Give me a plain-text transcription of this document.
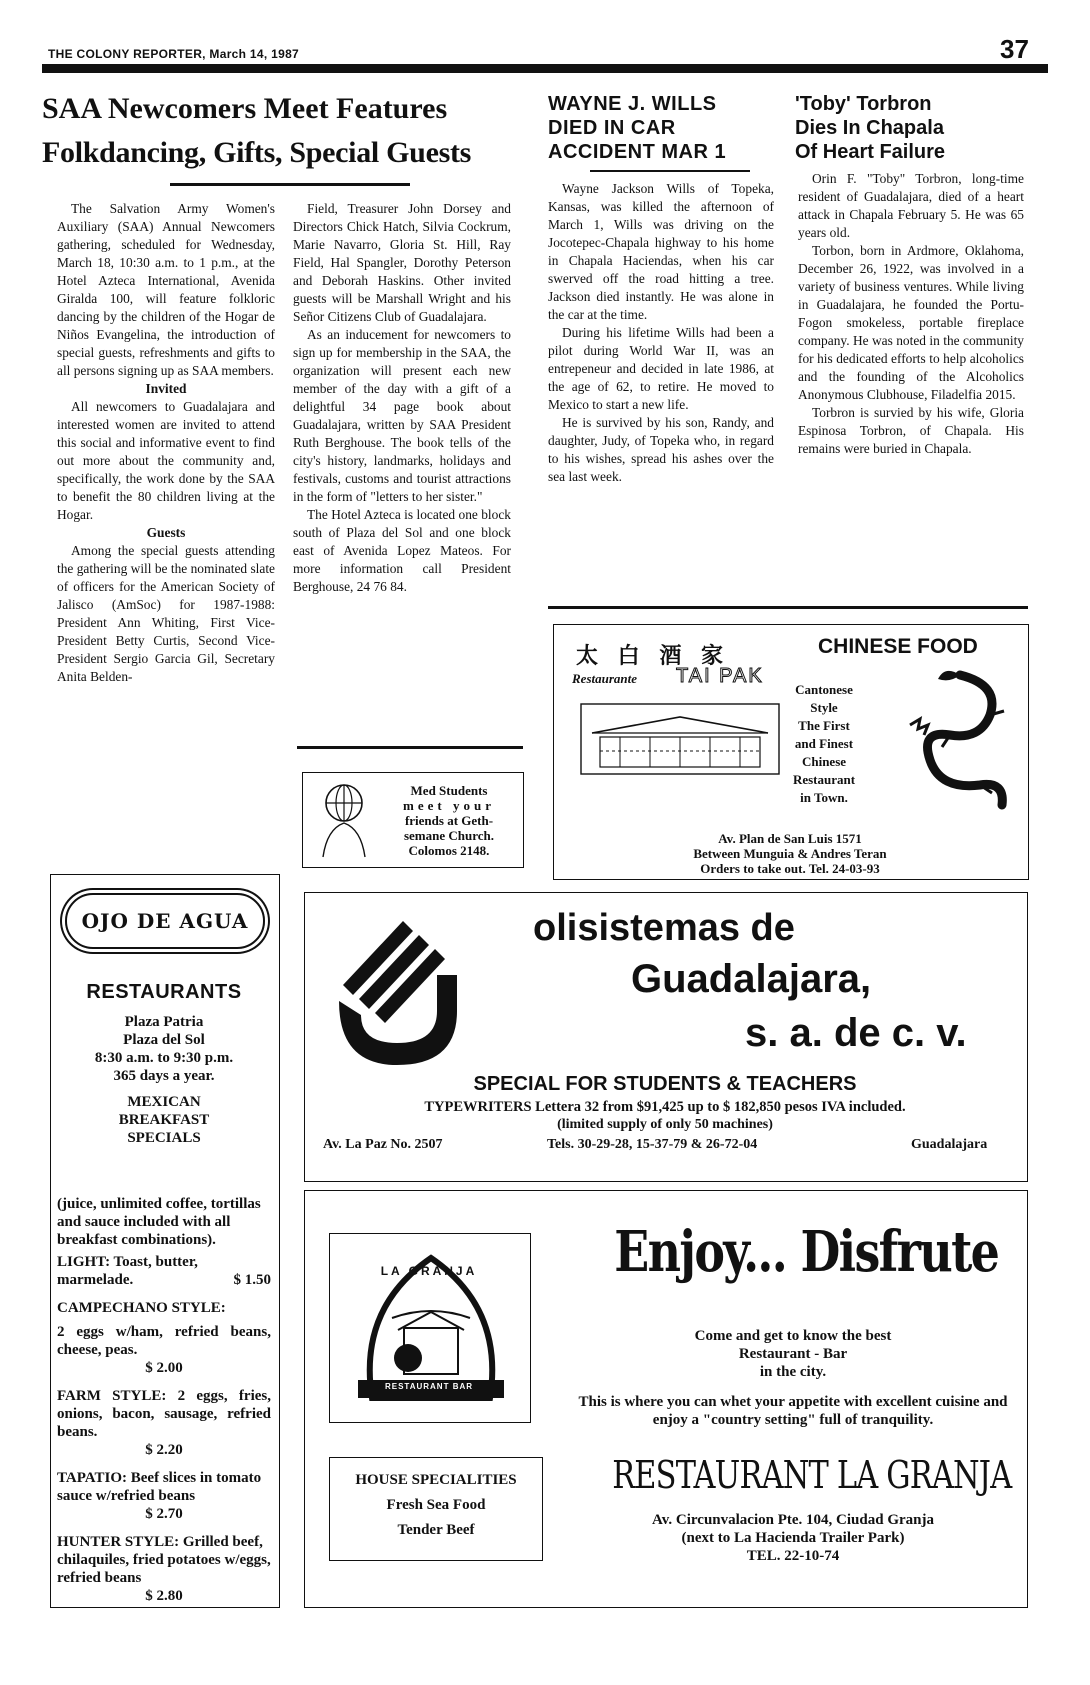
THE COLONY REPORTER, March 14, 1987	37
SAA Newcomers Meet Features
Folkdancing, Gifts, Special Guests

The Salvation Army Women's Auxiliary (SAA) Annual Newcomers gathering, scheduled for Wednesday, March 18, 10:30 a.m. to 1 p.m., at the Hotel Azteca International, Avenida Giralda 100, will feature folkloric dancing by the children of the Hogar de Niños Evangelina, the introduction of special guests, refreshments and gifts to all persons signing up as SAA members.

Invited

All newcomers to Guadalajara and interested women are invited to attend this social and informative event to find out more about the community and, specifically, the work done by the SAA to benefit the 80 children living at the Hogar.

Guests

Among the special guests attending the gathering will be the nominated slate of officers for the American Society of Jalisco (AmSoc) for 1987-1988: President Ann Whiting, First Vice-President Betty Curtis, Second Vice-President Sergio Garcia Gil, Secretary Anita Belden-

Field, Treasurer John Dorsey and Directors Chick Hatch, Silvia Cockrum, Marie Navarro, Gloria St. Hill, Ray Field, Hal Spangler, Dorothy Peterson and Deborah Haskins. Other invited guests will be Marshall Wright and his Señor Citizens Club of Guadalajara.

As an inducement for newcomers to sign up for membership in the SAA, the organization will present each new member of the day with a gift of a delightful 34 page book about Guadalajara, written by SAA President Ruth Berghouse. The book tells of the city's history, landmarks, holidays and festivals, customs and tourist attractions in the form of "letters to her sister."

The Hotel Azteca is located one block south of Plaza del Sol and one block east of Avenida Lopez Mateos. For more information call President Berghouse, 24 76 84.

Med Students
meet your
friends at Geth-
semane Church.
Colomos 2148.
WAYNE J. WILLS
DIED IN CAR
ACCIDENT MAR 1

Wayne Jackson Wills of Topeka, Kansas, was killed the afternoon of March 1, Wills was driving on the Jocotepec-Chapala highway to his home in Chapala Haciendas, when his car swerved off the road hitting a tree. Jackson died instantly. He was alone in the car at the time.

During his lifetime Wills had been a pilot during World War II, was an entrepeneur and decided in late 1986, at the age of 62, to retire. He moved to Mexico to start a new life.

He is survived by his son, Randy, and daughter, Judy, of Topeka who, in regard to his wishes, spread his ashes over the sea last week.

'Toby' Torbron
Dies In Chapala
Of Heart Failure

Orin F. "Toby" Torbron, long-time resident of Guadalajara, died of a heart attack in Chapala February 5. He was 65 years old.

Torbon, born in Ardmore, Oklahoma, December 26, 1922, was involved in a variety of business ventures. While living in Guadalajara, he founded the Portu-Fogon smokeless, portable fireplace company. He was noted in the community for his dedicated efforts to help alcoholics and the founding of the Alcoholics Anonymous Clubhouse, Filadelfia 2015.

Torbron is survied by his wife, Gloria Espinosa Torbron, of Chapala. His remains were buried in Chapala.

太 白 酒 家
Restaurante TAI PAK
CHINESE FOOD
Cantonese
Style
The First
and Finest
Chinese
Restaurant
in Town.
Av. Plan de San Luis 1571
Between Munguia & Andres Teran
Orders to take out. Tel. 24-03-93
OJO DE AGUA
RESTAURANTS
Plaza Patria
Plaza del Sol
8:30 a.m. to 9:30 p.m.
365 days a year.
MEXICAN
BREAKFAST
SPECIALS
(juice, unlimited coffee, tortillas and sauce included with all breakfast combinations).
LIGHT: Toast, butter, marmelade.	$ 1.50
CAMPECHANO STYLE:
2 eggs w/ham, refried beans, cheese, peas.
$ 2.00
FARM STYLE: 2 eggs, fries, onions, bacon, sausage, refried beans.
$ 2.20
TAPATIO: Beef slices in tomato sauce w/refried beans
$ 2.70
HUNTER STYLE: Grilled beef, chilaquiles, fried potatoes w/eggs, refried beans
$ 2.80
olisistemas de
Guadalajara,
s. a. de c. v.
SPECIAL FOR STUDENTS & TEACHERS
TYPEWRITERS Lettera 32 from $91,425 up to $ 182,850 pesos IVA included.
(limited supply of only 50 machines)
Av. La Paz No. 2507	Tels. 30-29-28, 15-37-79 & 26-72-04	Guadalajara
LA GRANJA
RESTAURANT BAR
HOUSE SPECIALITIES
Fresh Sea Food
Tender Beef
Enjoy... Disfrute
Come and get to know the best
Restaurant - Bar
in the city.
This is where you can whet your appetite with excellent cuisine and enjoy a "country setting" full of tranquility.
RESTAURANT LA GRANJA
Av. Circunvalacion Pte. 104, Ciudad Granja
(next to La Hacienda Trailer Park)
TEL. 22-10-74
